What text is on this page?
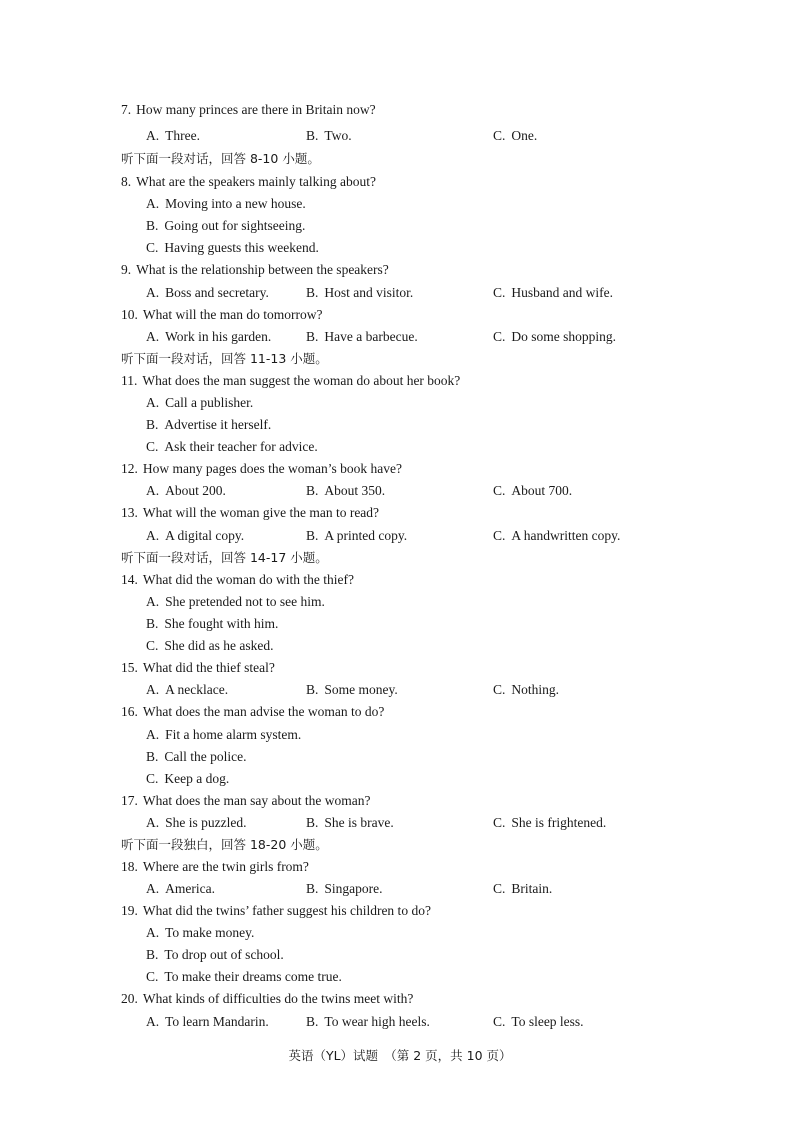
7. How many princes are there in Britain now?
A. Three.	B. Two.	C. One.
听下面一段对话，回答 8-10 小题。
8. What are the speakers mainly talking about?
A. Moving into a new house.
B. Going out for sightseeing.
C. Having guests this weekend.
9. What is the relationship between the speakers?
A. Boss and secretary.	B. Host and visitor.	C. Husband and wife.
10. What will the man do tomorrow?
A. Work in his garden.	B. Have a barbecue.	C. Do some shopping.
听下面一段对话，回答 11-13 小题。
11. What does the man suggest the woman do about her book?
A. Call a publisher.
B. Advertise it herself.
C. Ask their teacher for advice.
12. How many pages does the woman’s book have?
A. About 200.	B. About 350.	C. About 700.
13. What will the woman give the man to read?
A. A digital copy.	B. A printed copy.	C. A handwritten copy.
听下面一段对话，回答 14-17 小题。
14. What did the woman do with the thief?
A. She pretended not to see him.
B. She fought with him.
C. She did as he asked.
15. What did the thief steal?
A. A necklace.	B. Some money.	C. Nothing.
16. What does the man advise the woman to do?
A. Fit a home alarm system.
B. Call the police.
C. Keep a dog.
17. What does the man say about the woman?
A. She is puzzled.	B. She is brave.	C. She is frightened.
听下面一段独白，回答 18-20 小题。
18. Where are the twin girls from?
A. America.	B. Singapore.	C. Britain.
19. What did the twins’ father suggest his children to do?
A. To make money.
B. To drop out of school.
C. To make their dreams come true.
20. What kinds of difficulties do the twins meet with?
A. To learn Mandarin.	B. To wear high heels.	C. To sleep less.
英语（YL）试题　（第 2 页，共 10 页）
